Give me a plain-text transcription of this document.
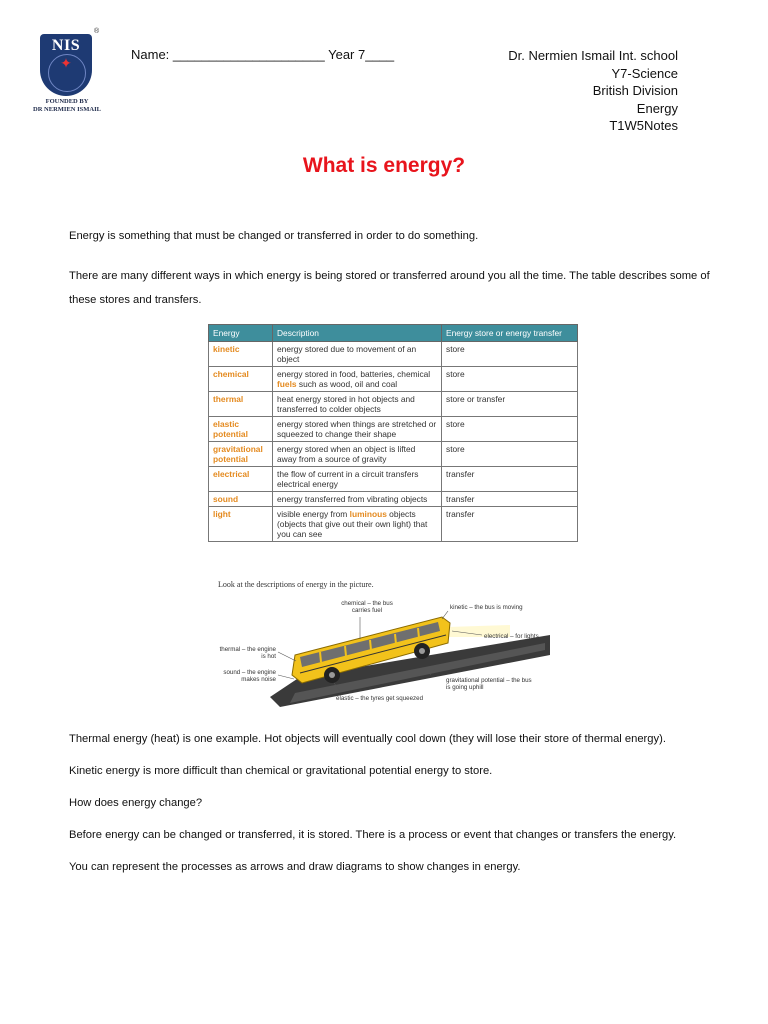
NIS
✦
®
FOUNDED BY
DR NERMIEN ISMAIL
Name: _____________________ Year 7____	Dr. Nermien Ismail Int. school
Y7-Science
British Division
Energy
T1W5Notes
What is energy?
Energy is something that must be changed or transferred in order to do something.
There are many different ways in which energy is being stored or transferred around you all the time. The table describes some of these stores and transfers.
Energy	Description	Energy store or energy transfer
kinetic	energy stored due to movement of an object	store
chemical	energy stored in food, batteries, chemical fuels such as wood, oil and coal	store
thermal	heat energy stored in hot objects and transferred to colder objects	store or transfer
elastic potential	energy stored when things are stretched or squeezed to change their shape	store
gravitational potential	energy stored when an object is lifted away from a source of gravity	store
electrical	the flow of current in a circuit transfers electrical energy	transfer
sound	energy transferred from vibrating objects	transfer
light	visible energy from luminous objects (objects that give out their own light) that you can see	transfer
Look at the descriptions of energy in the picture.
chemical – the bus carries fuel	kinetic – the bus is moving
electrical – for lights
thermal – the engine is hot
sound – the engine makes noise	gravitational potential – the bus is going uphill
elastic – the tyres get squeezed
Thermal energy (heat) is one example. Hot objects will eventually cool down (they will lose their store of thermal energy).
Kinetic energy is more difficult than chemical or gravitational potential energy to store.
How does energy change?
Before energy can be changed or transferred, it is stored. There is a process or event that changes or transfers the energy.
You can represent the processes as arrows and draw diagrams to show changes in energy.
